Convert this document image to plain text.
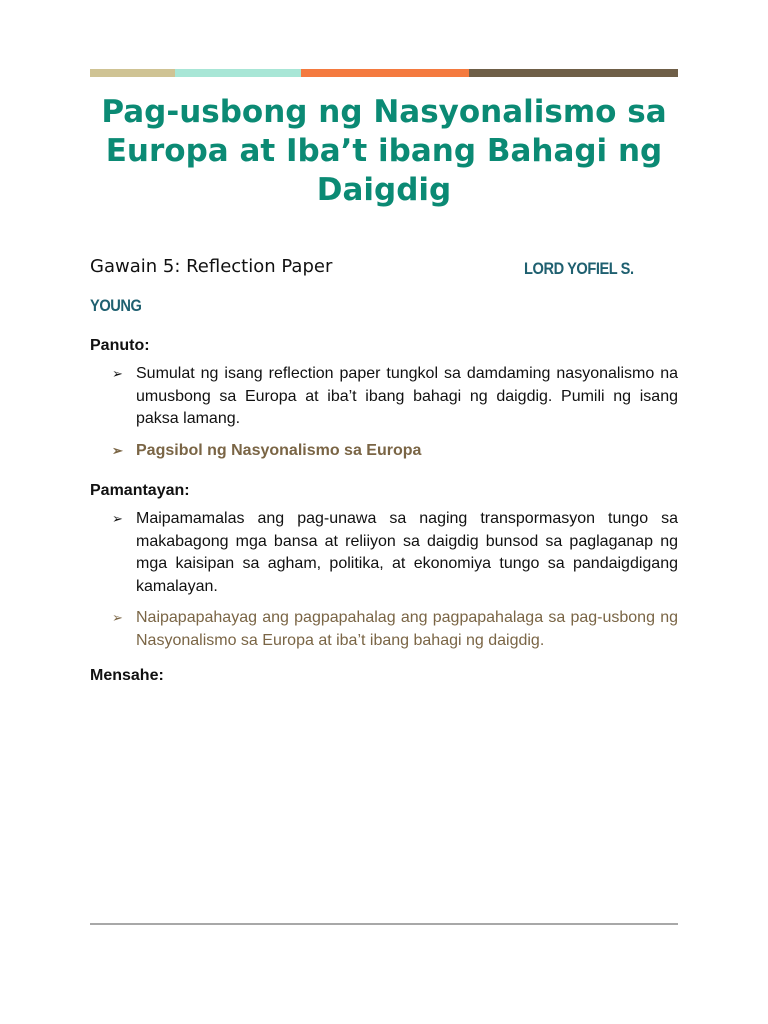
Pag-usbong ng Nasyonalismo sa Europa at Iba’t ibang Bahagi ng Daigdig
Gawain 5: Reflection Paper	LORD YOFIEL S.
YOUNG
Panuto:
➢ Sumulat ng isang reflection paper tungkol sa damdaming nasyonalismo na umusbong sa Europa at iba’t ibang bahagi ng daigdig. Pumili ng isang paksa lamang.
➢ Pagsibol ng Nasyonalismo sa Europa
Pamantayan:
➢ Maipamamalas ang pag-unawa sa naging transpormasyon tungo sa makabagong mga bansa at reliiyon sa daigdig bunsod sa paglaganap ng mga kaisipan sa agham, politika, at ekonomiya tungo sa pandaigdigang kamalayan.
➢ Naipapapahayag ang pagpapahalag ang pagpapahalaga sa pag-usbong ng Nasyonalismo sa Europa at iba’t ibang bahagi ng daigdig.
Mensahe:
